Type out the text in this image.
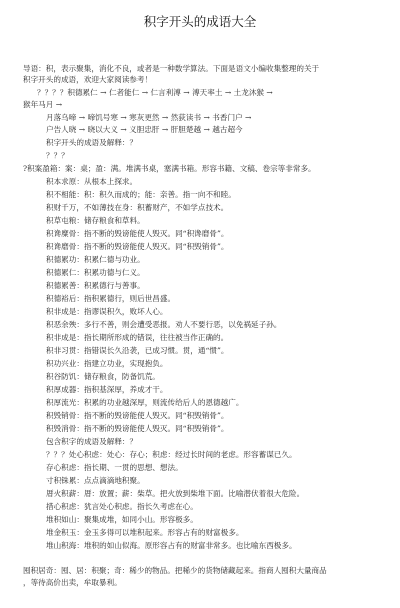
积字开头的成语大全
导语：积，表示聚集，消化不良，或者是一种数学算法。下面是语文小编收集整理的关于
积字开头的成语，欢迎大家阅读参考！
？？？？积德累仁 → 仁者能仁 → 仁言利溥 → 溥天率土 → 土龙沐猴 →
猴年马月 →
月落乌啼 → 啼饥号寒 → 寒灰更然 → 然荻读书 → 书香门户 →
户告人晓 → 晓以大义 → 义胆忠肝 → 肝胆楚越 → 越古超今
积字开头的成语及解释：？
？？？
?积案盈箱：案：桌；盈：满。堆满书桌，塞满书箱。形容书籍、文稿、卷宗等非常多。
积本求原：从根本上探求。
积不相能：积：积久而成的；能：亲善。指一向不和睦。
积财千万，不如薄技在身：积蓄财产，不如学点技术。
积草屯粮：储存粮食和草料。
积谗糜骨：指不断的毁谤能使人毁灭。同“积谗磨骨”。
积谗磨骨：指不断的毁谤能使人毁灭。同“积毁销骨”。
积德累功：积累仁德与功业。
积德累仁：积累功德与仁义。
积德累善：积累德行与善事。
积德裕后：指积累德行，则后世昌盛。
积非成是：指谬误积久，败坏人心。
积恶余殃：多行不善，则会遭受恶报。劝人不要行恶，以免祸延子孙。
积非成是：指长期所形成的错误，往往被当作正确的。
积非习贯：指错误长久沿袭，已成习惯。贯，通“惯”。
积功兴业：指建立功业，实现抱负。
积谷防饥：储存粮食，防备饥荒。
积厚成器：指积基深厚，养成才干。
积厚流光：积累的功业越深厚，则流传给后人的恩德越广。
积毁销骨：指不断的毁谤能使人毁灭。同“积毁销骨”。
积毁消骨：指不断的毁谤能使人毁灭。同“积毁销骨”。
包含积字的成语及解释：？
？？？处心积虑：处心：存心；积虑：经过长时间的老虑。形容蓄谋已久。
存心积虑：指长期、一贯的思想、想法。
寸积铢累：点点滴滴地积聚。
厝火积薪：厝：放置；薪：柴草。把火放到柴堆下面。比喻潜伏着很大危险。
措心积虑：犹言处心积虑。指长久考虑在心。
堆积如山：聚集成堆，如同小山。形容极多。
堆金积玉：金玉多得可以堆积起来。形容占有的财富极多。
堆山积海：堆积的如山似海。原形容占有的财富非常多。也比喻东西极多。
囤积居奇：囤、居：积聚；奇：稀少的物品。把稀少的货物储藏起来。指商人囤积大量商品
，等待高价出卖，牟取暴利。
